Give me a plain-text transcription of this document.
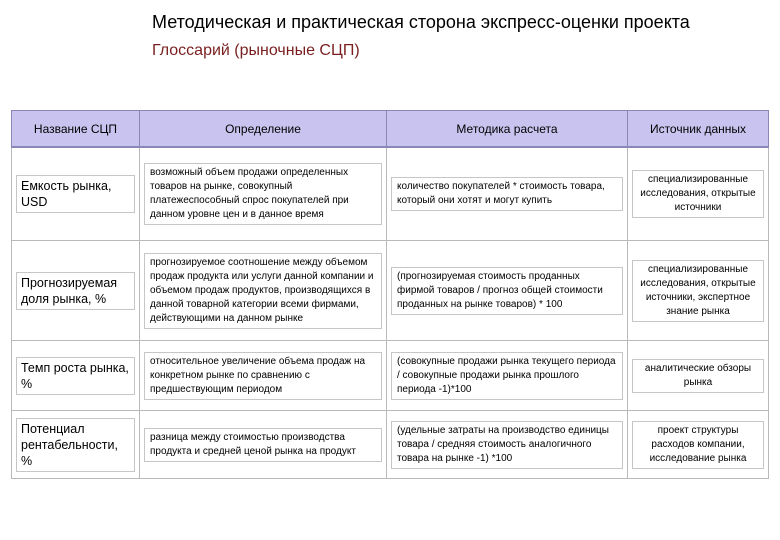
Методическая и практическая сторона экспресс-оценки проекта
Глоссарий (рыночные СЦП)
Название СЦП	Определение	Методика расчета	Источник данных

Емкость рынка, USD	возможный объем продажи определенных товаров на рынке, совокупный платежеспособный спрос покупателей при данном уровне цен и в данное время	количество покупателей * стоимость товара, который они хотят и могут купить	специализированные исследования, открытые источники

Прогнозируемая доля рынка, %	прогнозируемое соотношение между объемом продаж продукта или услуги данной компании и объемом продаж продуктов, производящихся в данной товарной категории всеми фирмами, действующими на данном рынке	(прогнозируемая стоимость проданных фирмой товаров / прогноз общей стоимости проданных на рынке товаров) * 100	специализированные исследования, открытые источники, экспертное знание рынка

Темп роста рынка, %	относительное увеличение объема продаж на конкретном рынке по сравнению с предшествующим периодом	(совокупные продажи рынка текущего периода / совокупные продажи рынка прошлого периода -1)*100	аналитические обзоры рынка

Потенциал рентабельности, %	разница между стоимостью производства продукта и средней ценой рынка на продукт	(удельные затраты на производство единицы товара / средняя стоимость аналогичного товара на рынке -1) *100	проект структуры расходов компании, исследование рынка
